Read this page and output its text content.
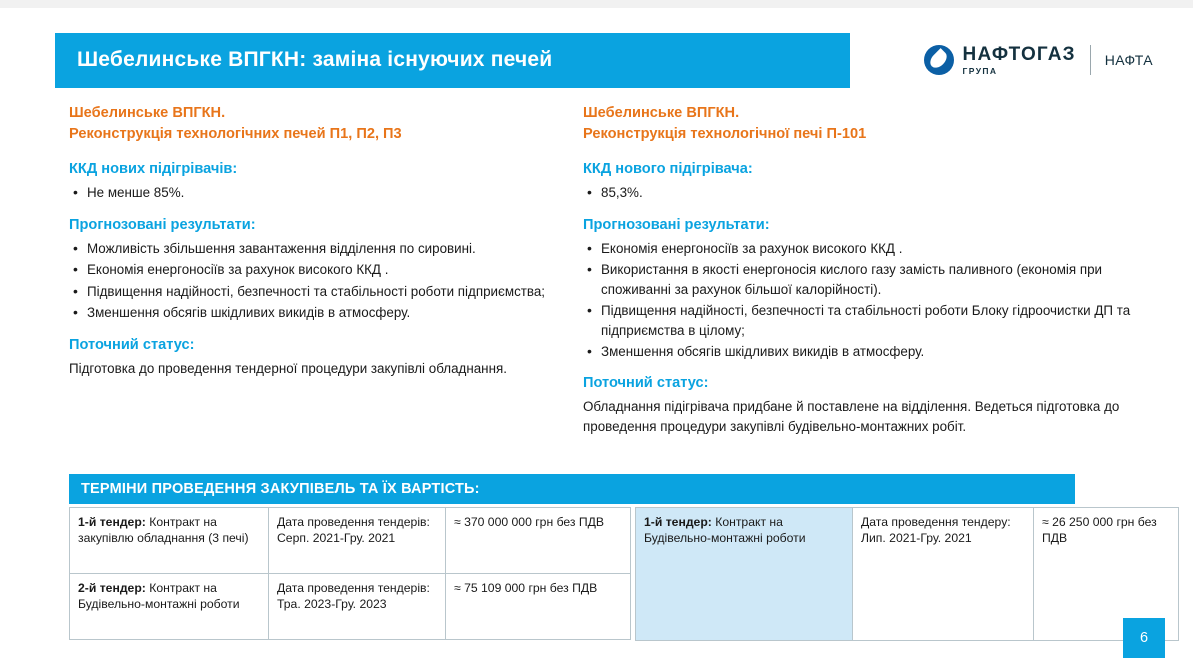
Шебелинське ВПГКН: заміна існуючих печей	НАФТОГАЗ
ГРУПА
НАФТА
Шебелинське ВПГКН.
Реконструкція технологічних печей П1, П2, П3
ККД нових підігрівачів:
• Не менше 85%.
Прогнозовані результати:
• Можливість збільшення завантаження відділення по сировині.
• Економія енергоносіїв за рахунок високого ККД .
• Підвищення надійності, безпечності та стабільності роботи підприємства;
• Зменшення обсягів шкідливих викидів в атмосферу.
Поточний статус:
Підготовка до проведення тендерної процедури закупівлі обладнання.
Шебелинське ВПГКН.
Реконструкція технологічної печі П-101
ККД нового підігрівача:
• 85,3%.
Прогнозовані результати:
• Економія енергоносіїв за рахунок високого ККД .
• Використання в якості енергоносія кислого газу замість паливного (економія при споживанні за рахунок більшої калорійності).
• Підвищення надійності, безпечності та стабільності роботи Блоку гідроочистки ДП та підприємства в цілому;
• Зменшення обсягів шкідливих викидів в атмосферу.
Поточний статус:
Обладнання підігрівача придбане й поставлене на відділення. Ведеться підготовка до проведення процедури закупівлі будівельно-монтажних робіт.
ТЕРМІНИ ПРОВЕДЕННЯ ЗАКУПІВЕЛЬ ТА ЇХ ВАРТІСТЬ:
1-й тендер: Контракт на закупівлю обладнання (3 печі)	Дата проведення тендерів: Серп. 2021-Гру. 2021	≈ 370 000 000 грн без ПДВ
2-й тендер: Контракт на Будівельно-монтажні роботи	Дата проведення тендерів: Тра. 2023-Гру. 2023	≈ 75 109 000 грн без ПДВ
1-й тендер: Контракт на Будівельно-монтажні роботи	Дата проведення тендеру: Лип. 2021-Гру. 2021	≈ 26 250 000 грн без ПДВ
6
